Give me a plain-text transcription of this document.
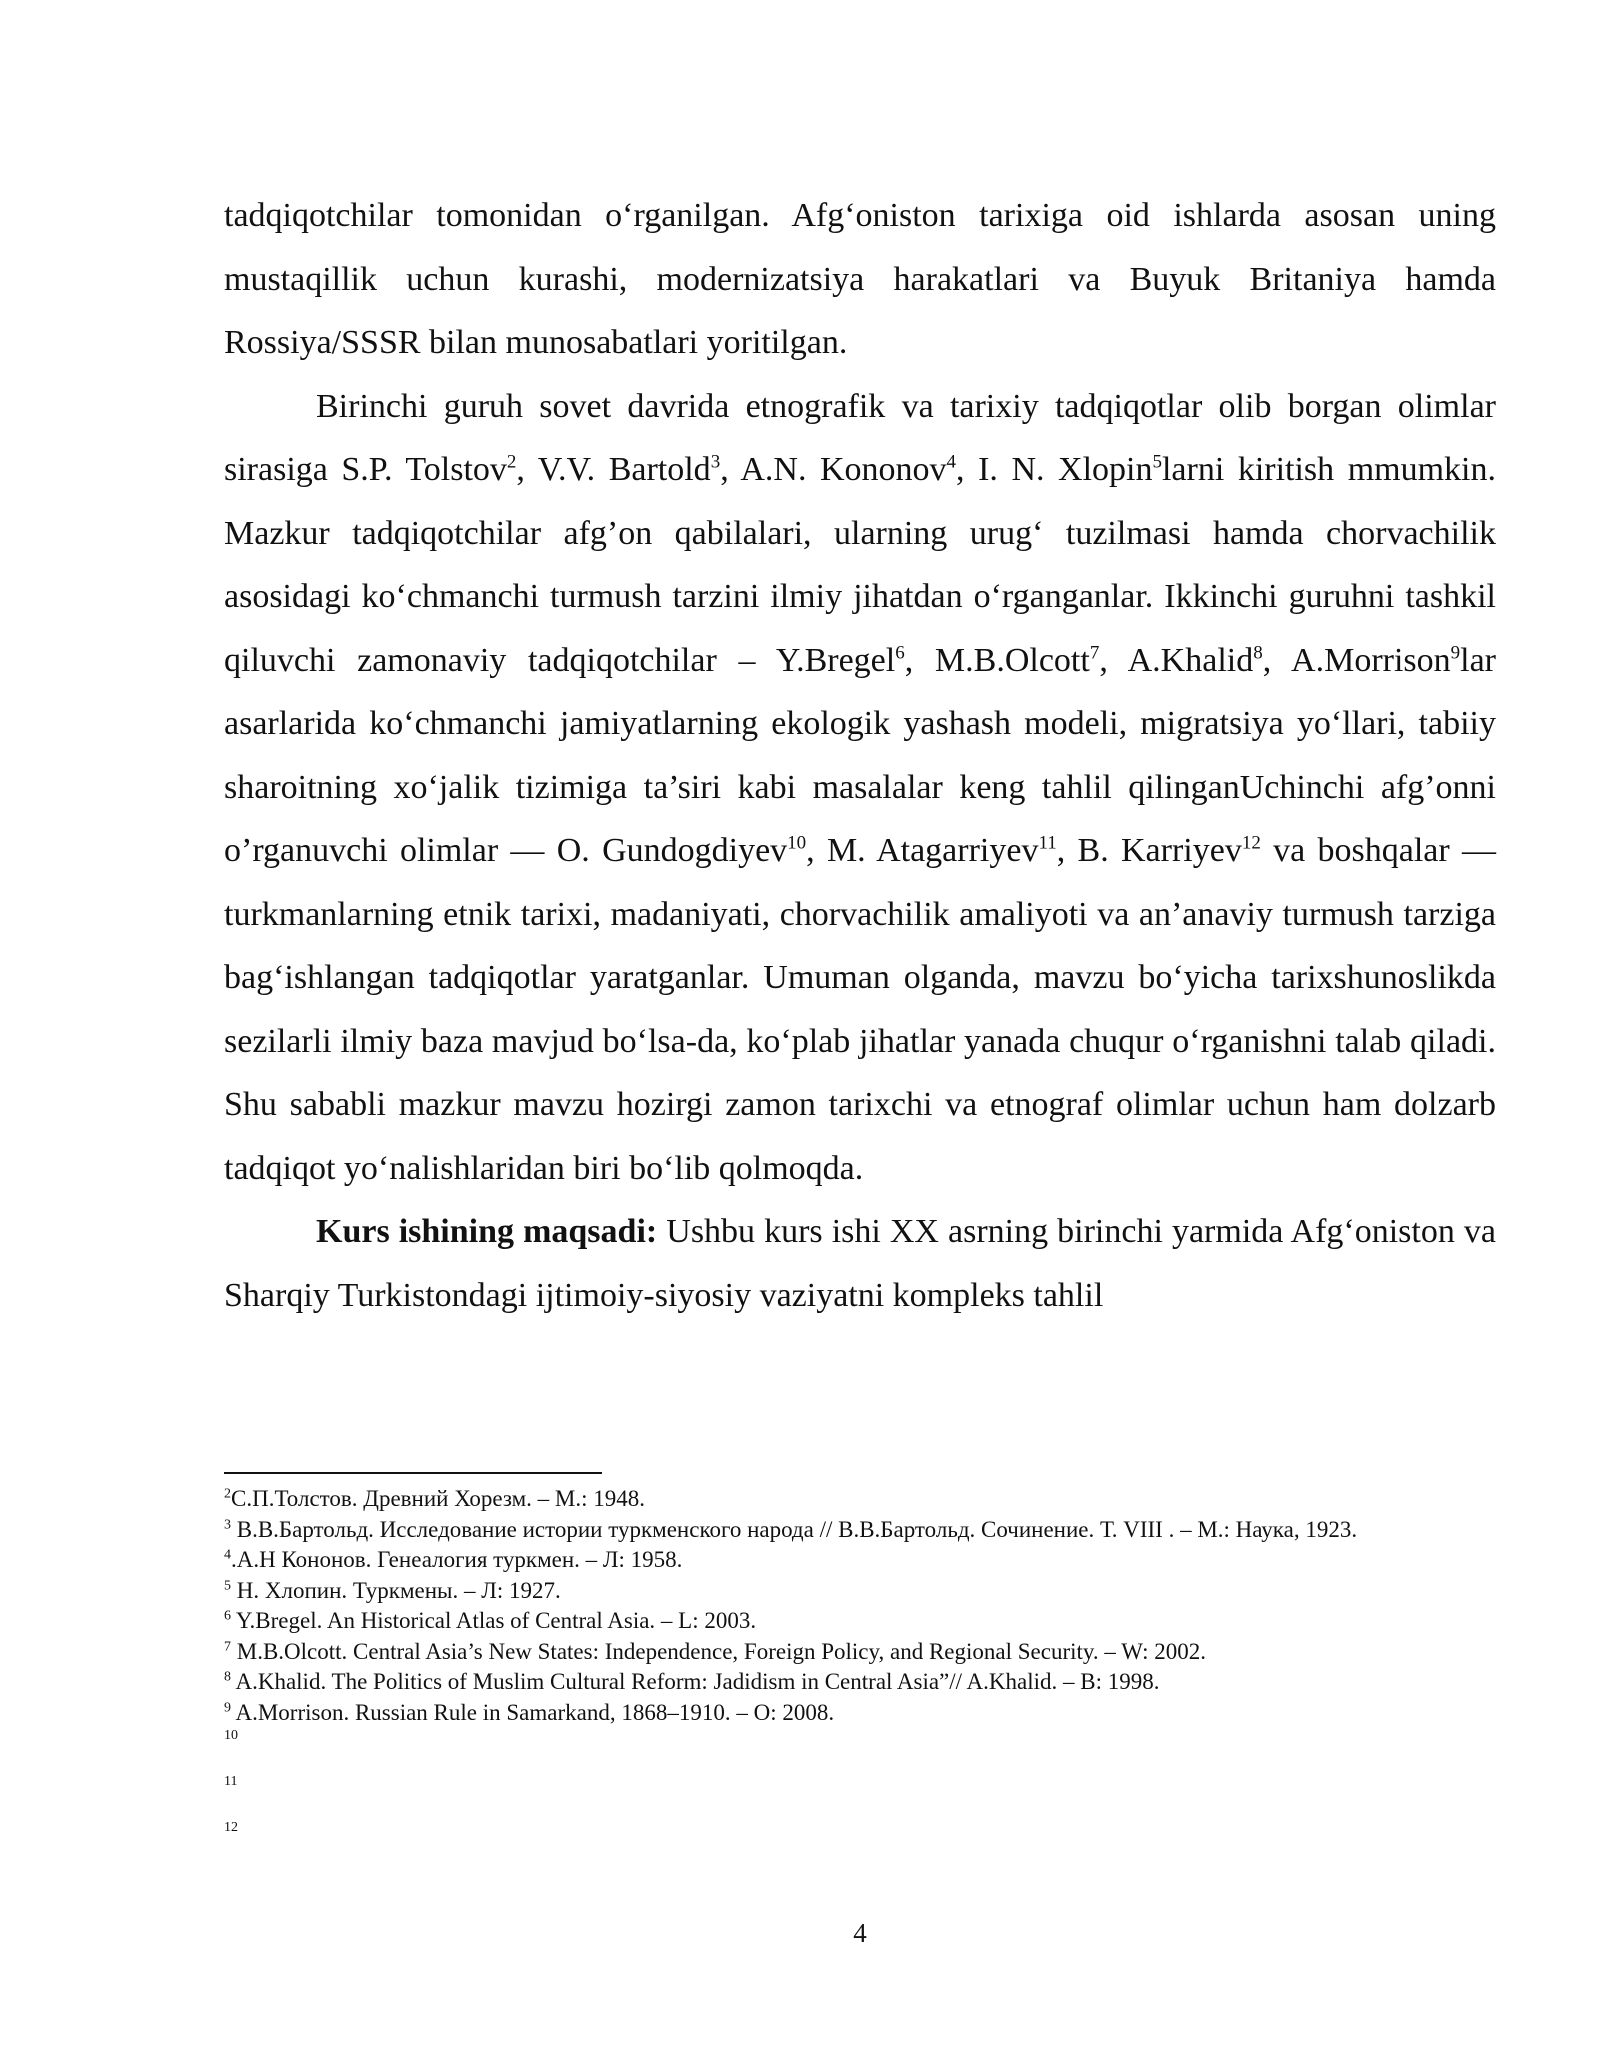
tadqiqotchilar tomonidan o‘rganilgan. Afg‘oniston tarixiga oid ishlarda asosan uning mustaqillik uchun kurashi, modernizatsiya harakatlari va Buyuk Britaniya hamda Rossiya/SSSR bilan munosabatlari yoritilgan.

Birinchi guruh sovet davrida etnografik va tarixiy tadqiqotlar olib borgan olimlar sirasiga S.P. Tolstov$^2$, V.V. Bartold$^3$, A.N. Kononov$^4$, I. N. Xlopin$^5$larni kiritish mmumkin. Mazkur tadqiqotchilar afg’on qabilalari, ularning urug‘ tuzilmasi hamda chorvachilik asosidagi ko‘chmanchi turmush tarzini ilmiy jihatdan o‘rganganlar. Ikkinchi guruhni tashkil qiluvchi zamonaviy tadqiqotchilar – Y.Bregel$^6$, M.B.Olcott$^7$, A.Khalid$^8$, A.Morrison$^9$lar asarlarida ko‘chmanchi jamiyatlarning ekologik yashash modeli, migratsiya yo‘llari, tabiiy sharoitning xo‘jalik tizimiga ta’siri kabi masalalar keng tahlil qilinganUchinchi afg’onni o’rganuvchi olimlar — O. Gundogdiyev$^{10}$, M. Atagarriyev$^{11}$, B. Karriyev$^{12}$ va boshqalar — turkmanlarning etnik tarixi, madaniyati, chorvachilik amaliyoti va an’anaviy turmush tarziga bag‘ishlangan tadqiqotlar yaratganlar. Umuman olganda, mavzu bo‘yicha tarixshunoslikda sezilarli ilmiy baza mavjud bo‘lsa-da, ko‘plab jihatlar yanada chuqur o‘rganishni talab qiladi. Shu sababli mazkur mavzu hozirgi zamon tarixchi va etnograf olimlar uchun ham dolzarb tadqiqot yo‘nalishlaridan biri bo‘lib qolmoqda.

Kurs ishining maqsadi: Ushbu kurs ishi XX asrning birinchi yarmida Afg‘oniston va Sharqiy Turkistondagi ijtimoiy-siyosiy vaziyatni kompleks tahlil

$^2$С.П.Толстов. Древний Хорезм. – М.: 1948.

$^3$ В.В.Бартольд. Исследование истории туркменского народа // В.В.Бартольд. Сочинение. Т. VIII . – М.: Наука, 1923.

$^4$.А.Н Кононов. Генеалогия туркмен. – Л: 1958.

$^5$ Н. Хлопин. Туркмены. – Л: 1927.

$^6$ Y.Bregel. An Historical Atlas of Central Asia. – L: 2003.

$^7$ M.B.Olcott. Central Asia’s New States: Independence, Foreign Policy, and Regional Security. – W: 2002.

$^8$ A.Khalid. The Politics of Muslim Cultural Reform: Jadidism in Central Asia”// A.Khalid. – B: 1998.

$^9$ A.Morrison. Russian Rule in Samarkand, 1868–1910. – O: 2008.

10

11

12

4
